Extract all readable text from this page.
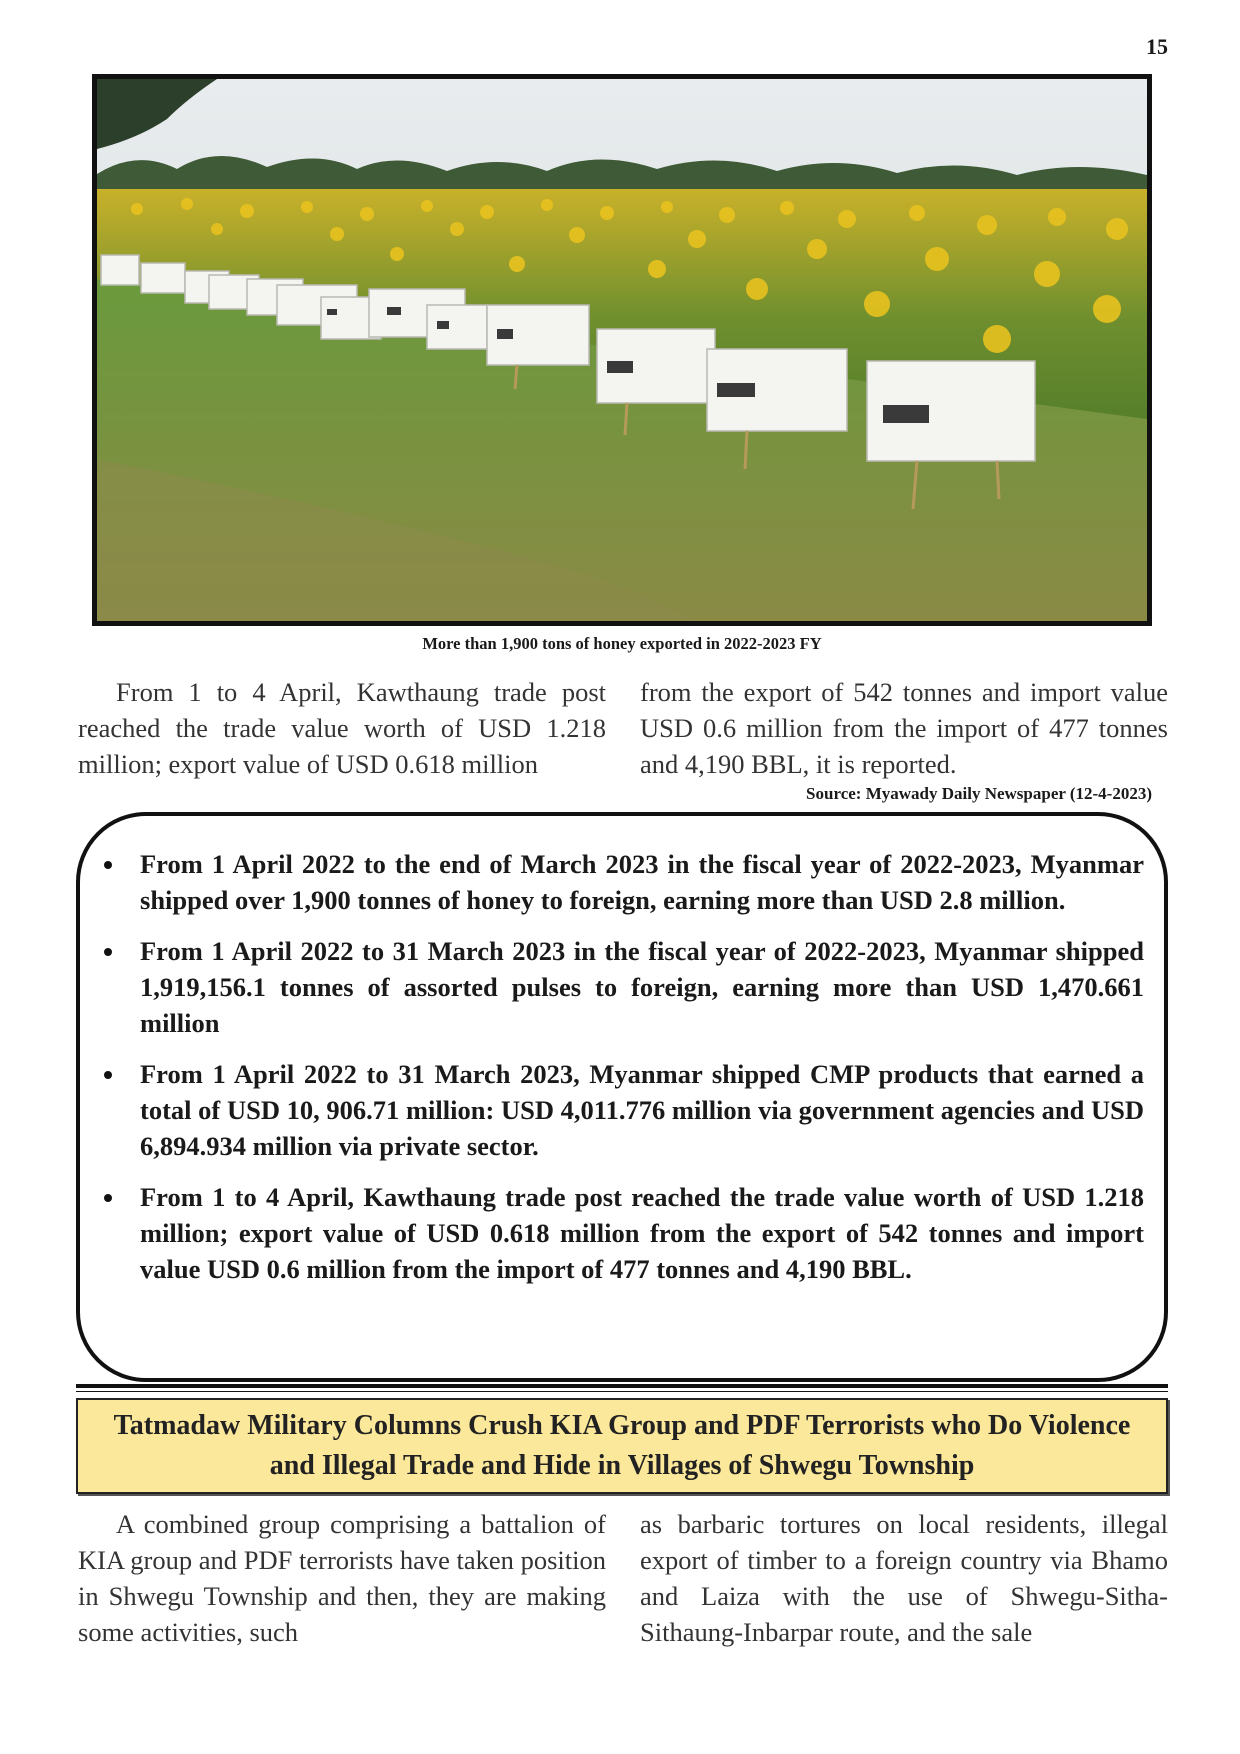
15
More than 1,900 tons of honey exported in 2022-2023 FY
From 1 to 4 April, Kawthaung trade post reached the trade value worth of USD 1.218 million; export value of USD 0.618 million
from the export of 542 tonnes and import value USD 0.6 million from the import of 477 tonnes and 4,190 BBL, it is reported.
Source: Myawady Daily Newspaper (12-4-2023)
From 1 April 2022 to the end of March 2023 in the fiscal year of 2022-2023, Myanmar shipped over 1,900 tonnes of honey to foreign, earning more than USD 2.8 million.
From 1 April 2022 to 31 March 2023 in the fiscal year of 2022-2023, Myanmar shipped 1,919,156.1 tonnes of assorted pulses to foreign, earning more than USD 1,470.661 million
From 1 April 2022 to 31 March 2023, Myanmar shipped CMP products that earned a total of USD 10, 906.71 million: USD 4,011.776 million via government agencies and USD 6,894.934 million via private sector.
From 1 to 4 April, Kawthaung trade post reached the trade value worth of USD 1.218 million; export value of USD 0.618 million from the export of 542 tonnes and import value USD 0.6 million from the import of 477 tonnes and 4,190 BBL.
Tatmadaw Military Columns Crush KIA Group and PDF Terrorists who Do Violence and Illegal Trade and Hide in Villages of Shwegu Township
A combined group comprising a battalion of KIA group and PDF terrorists have taken position in Shwegu Township and then, they are making some activities, such
as barbaric tortures on local residents, illegal export of timber to a foreign country via Bhamo and Laiza with the use of Shwegu-Sitha-Sithaung-Inbarpar route, and the sale
